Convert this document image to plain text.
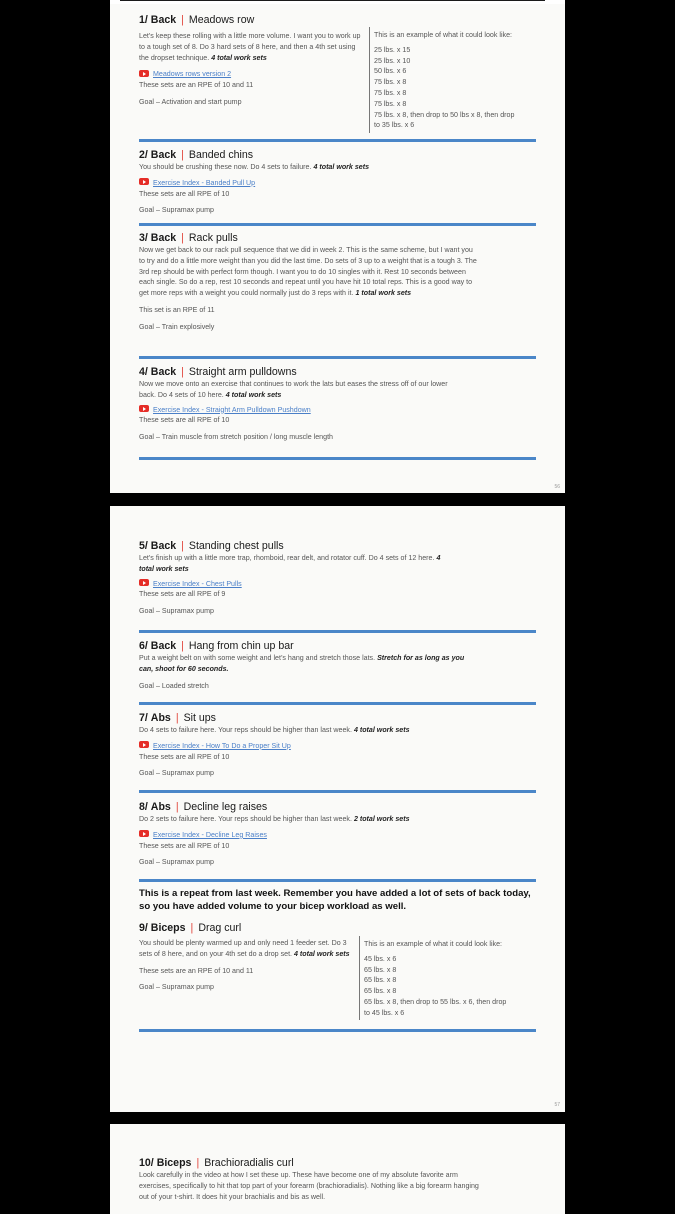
1/ Back | Meadows row
Let’s keep these rolling with a little more volume. I want you to work up to a tough set of 8. Do 3 hard sets of 8 here, and then a 4th set using the dropset technique. 4 total work sets
Meadows rows version 2
These sets are an RPE of 10 and 11
Goal – Activation and start pump
This is an example of what it could look like:
25 lbs. x 15
25 lbs. x 10
50 lbs. x 6
75 lbs. x 8
75 lbs. x 8
75 lbs. x 8
75 lbs. x 8, then drop to 50 lbs x 8, then drop
to 35 lbs. x 6
2/ Back | Banded chins
You should be crushing these now. Do 4 sets to failure. 4 total work sets
Exercise Index - Banded Pull Up
These sets are all RPE of 10
Goal – Supramax pump
3/ Back | Rack pulls
Now we get back to our rack pull sequence that we did in week 2. This is the same scheme, but I want you to try and do a little more weight than you did the last time. Do sets of 3 up to a weight that is a tough 3. The 3rd rep should be with perfect form though. I want you to do 10 singles with it. Rest 10 seconds between each single. So do a rep, rest 10 seconds and repeat until you have hit 10 total reps. This is a good way to get more reps with a weight you could normally just do 3 reps with it. 1 total work sets
This set is an RPE of 11
Goal – Train explosively
4/ Back | Straight arm pulldowns
Now we move onto an exercise that continues to work the lats but eases the stress off of our lower back. Do 4 sets of 10 here. 4 total work sets
Exercise Index - Straight Arm Pulldown Pushdown
These sets are all RPE of 10
Goal – Train muscle from stretch position / long muscle length
56
5/ Back | Standing chest pulls
Let’s finish up with a little more trap, rhomboid, rear delt, and rotator cuff. Do 4 sets of 12 here. 4 total work sets
Exercise Index - Chest Pulls
These sets are all RPE of 9
Goal – Supramax pump
6/ Back | Hang from chin up bar
Put a weight belt on with some weight and let’s hang and stretch those lats. Stretch for as long as you can, shoot for 60 seconds.
Goal – Loaded stretch
7/ Abs | Sit ups
Do 4 sets to failure here. Your reps should be higher than last week. 4 total work sets
Exercise Index - How To Do a Proper Sit Up
These sets are all RPE of 10
Goal – Supramax pump
8/ Abs | Decline leg raises
Do 2 sets to failure here. Your reps should be higher than last week. 2 total work sets
Exercise Index - Decline Leg Raises
These sets are all RPE of 10
Goal – Supramax pump
This is a repeat from last week. Remember you have added a lot of sets of back today, so you have added volume to your bicep workload as well.
9/ Biceps | Drag curl
You should be plenty warmed up and only need 1 feeder set. Do 3 sets of 8 here, and on your 4th set do a drop set. 4 total work sets
These sets are an RPE of 10 and 11
Goal – Supramax pump
This is an example of what it could look like:
45 lbs. x 6
65 lbs. x 8
65 lbs. x 8
65 lbs. x 8
65 lbs. x 8, then drop to 55 lbs. x 6, then drop
to 45 lbs. x 6
57
10/ Biceps | Brachioradialis curl
Look carefully in the video at how I set these up. These have become one of my absolute favorite arm exercises, specifically to hit that top part of your forearm (brachioradialis). Nothing like a big forearm hanging out of your t-shirt. It does hit your brachialis and bis as well.
